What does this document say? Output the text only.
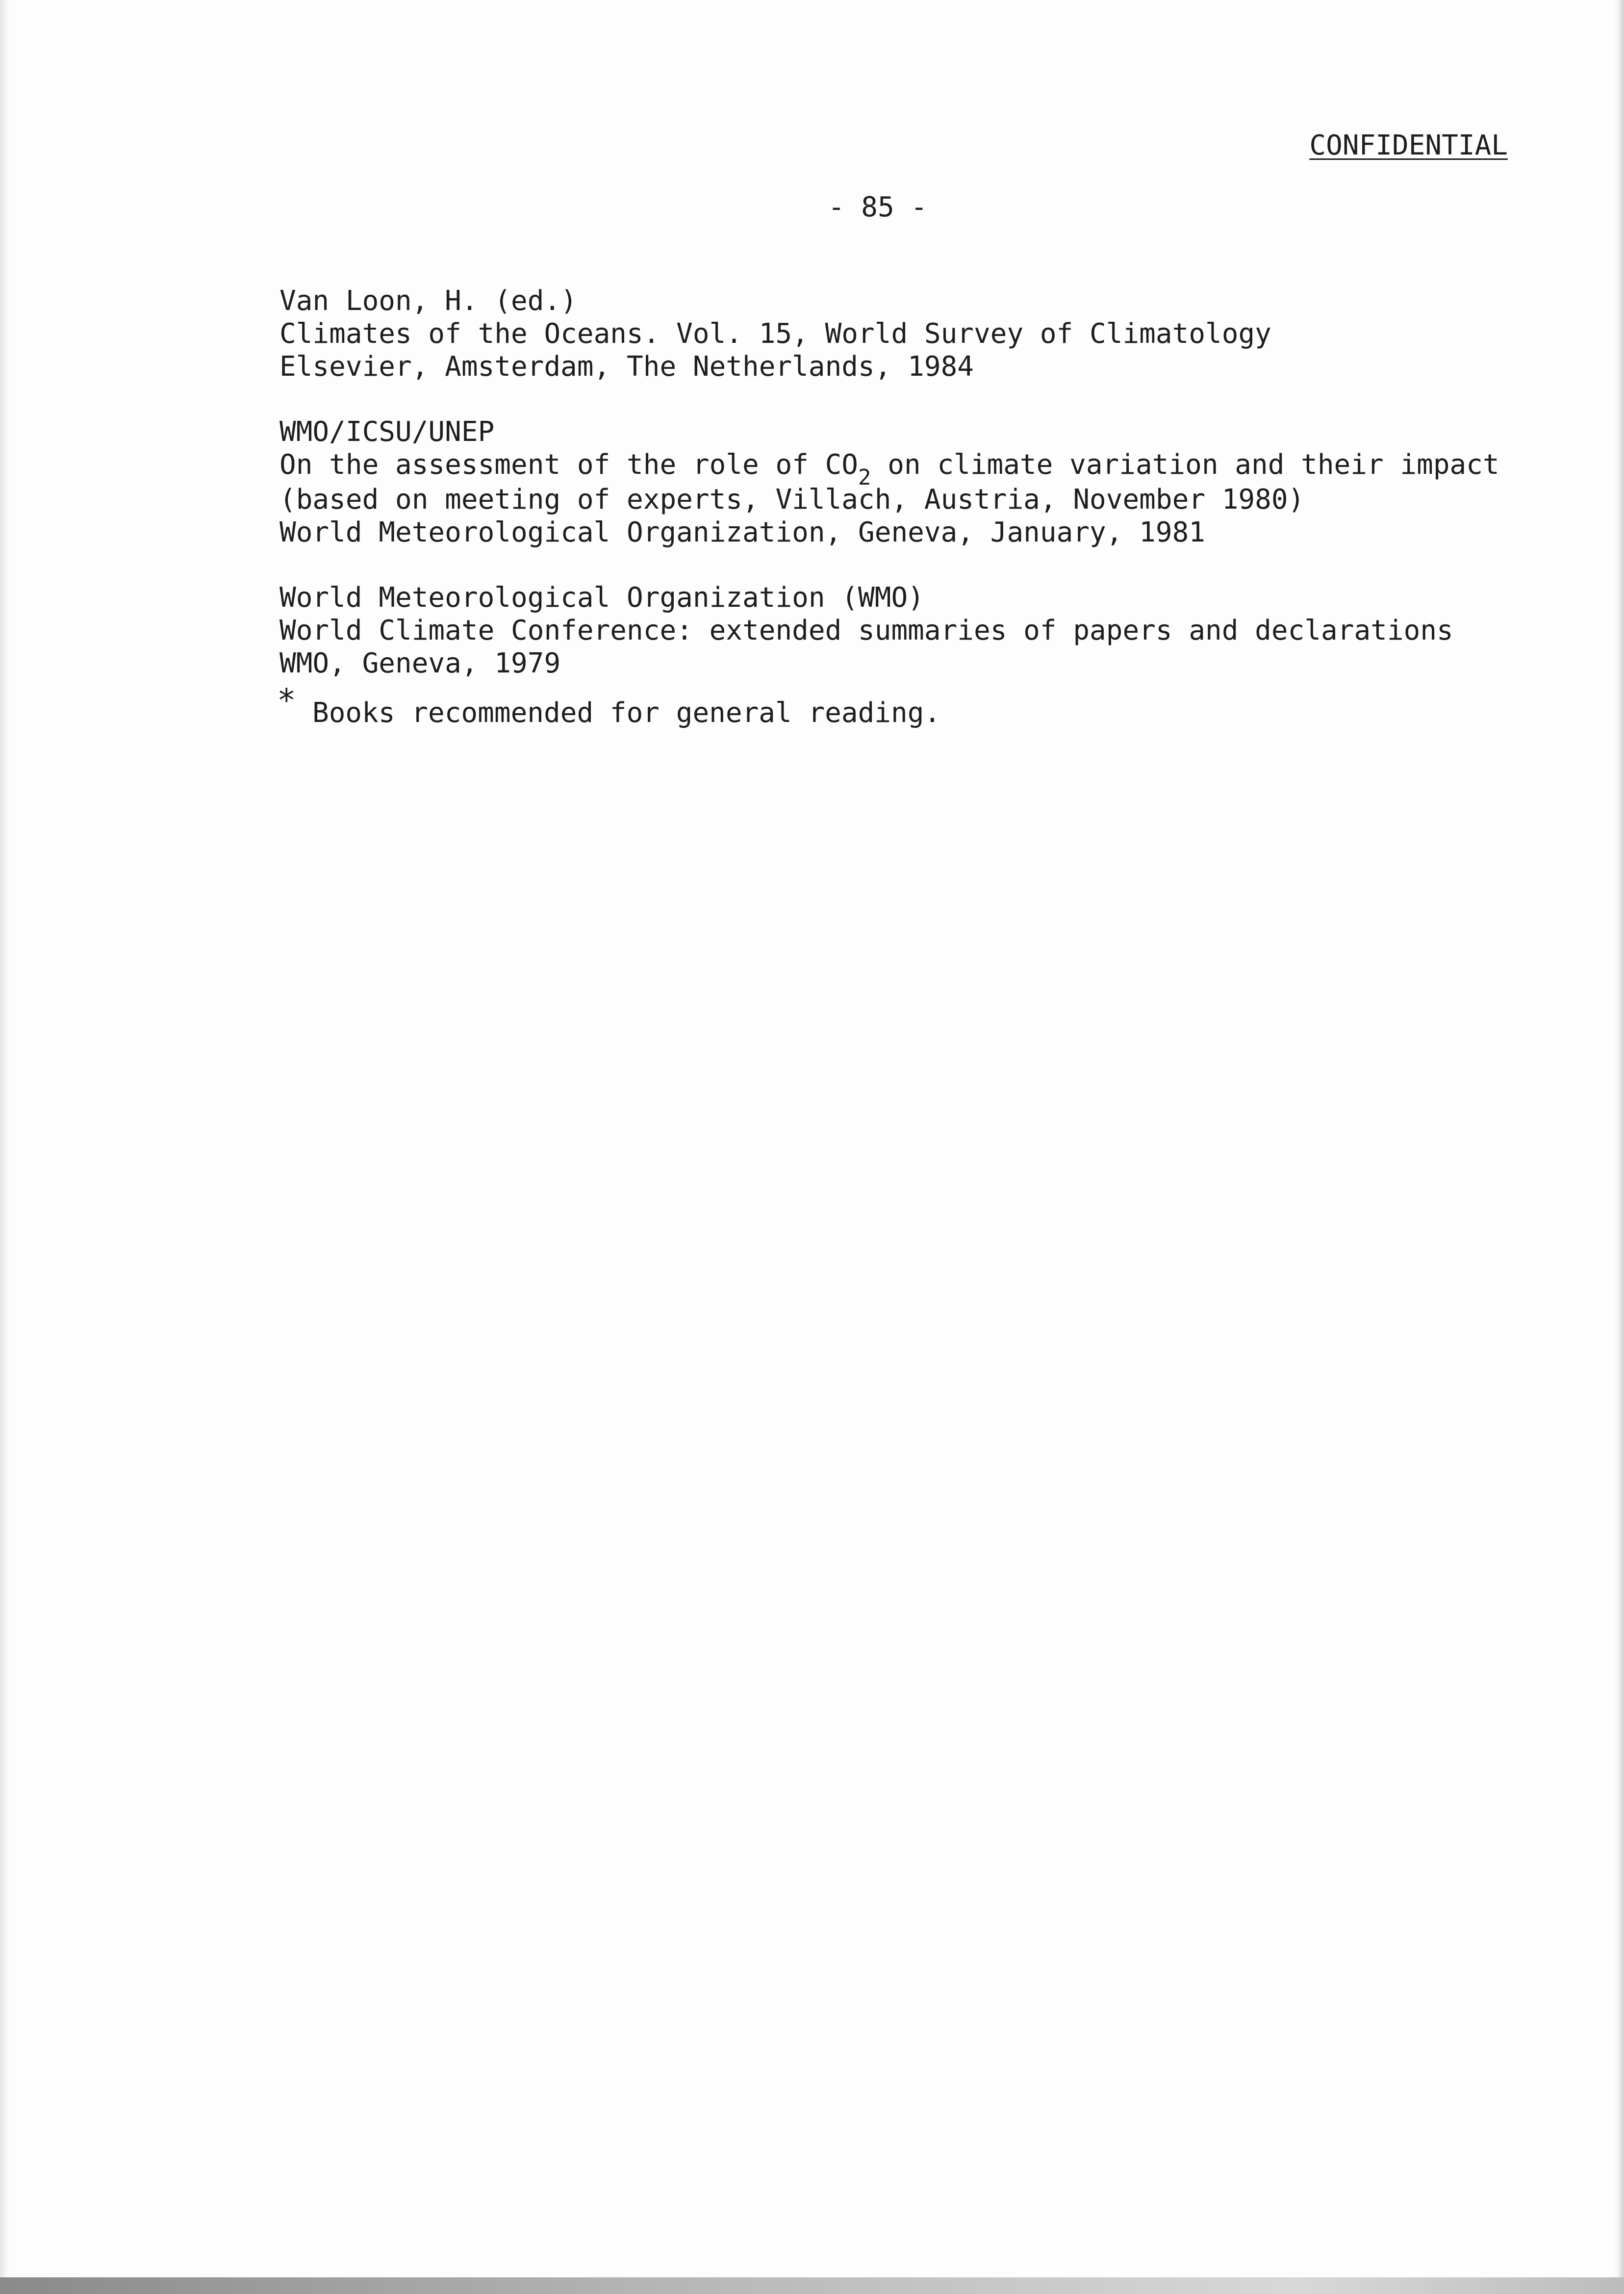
CONFIDENTIAL
- 85 -
Van Loon, H. (ed.)
Climates of the Oceans. Vol. 15, World Survey of Climatology
Elsevier, Amsterdam, The Netherlands, 1984
WMO/ICSU/UNEP
On the assessment of the role of $CO_2$ on climate variation and their impact
(based on meeting of experts, Villach, Austria, November 1980)
World Meteorological Organization, Geneva, January, 1981
World Meteorological Organization (WMO)
World Climate Conference: extended summaries of papers and declarations
WMO, Geneva, 1979
* Books recommended for general reading.
